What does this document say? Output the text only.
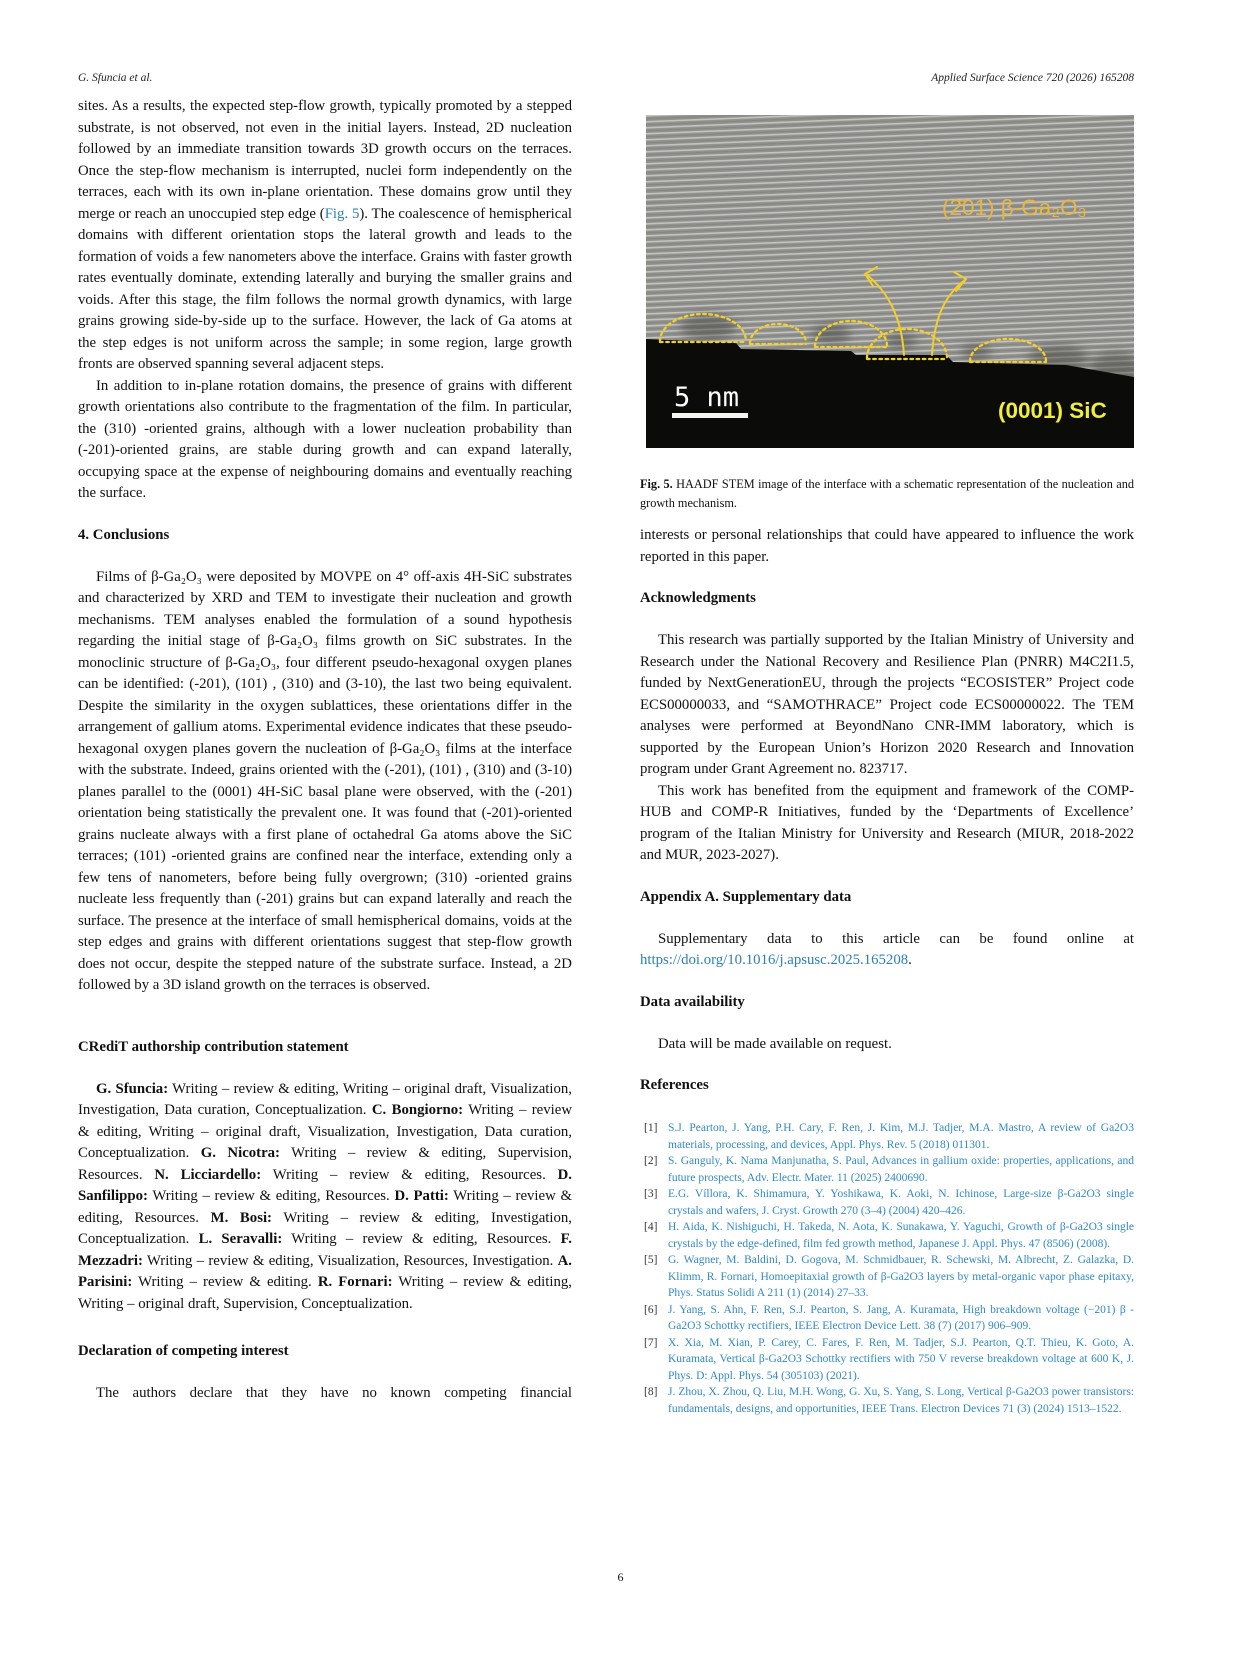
G. Sfuncia et al.	Applied Surface Science 720 (2026) 165208

sites. As a results, the expected step-flow growth, typically promoted by a stepped substrate, is not observed, not even in the initial layers. Instead, 2D nucleation followed by an immediate transition towards 3D growth occurs on the terraces. Once the step-flow mechanism is interrupted, nuclei form independently on the terraces, each with its own in-plane orientation. These domains grow until they merge or reach an unoccupied step edge (Fig. 5). The coalescence of hemispherical domains with different orientation stops the lateral growth and leads to the formation of voids a few nanometers above the interface. Grains with faster growth rates eventually dominate, extending laterally and burying the smaller grains and voids. After this stage, the film follows the normal growth dynamics, with large grains growing side-by-side up to the surface. However, the lack of Ga atoms at the step edges is not uniform across the sample; in some region, large growth fronts are observed spanning several adjacent steps.

In addition to in-plane rotation domains, the presence of grains with different growth orientations also contribute to the fragmentation of the film. In particular, the (310) -oriented grains, although with a lower nucleation probability than (-201)-oriented grains, are stable during growth and can expand laterally, occupying space at the expense of neighbouring domains and eventually reaching the surface.

4. Conclusions

Films of β-Ga₂O₃ were deposited by MOVPE on 4° off-axis 4H-SiC substrates and characterized by XRD and TEM to investigate their nucleation and growth mechanisms. TEM analyses enabled the formulation of a sound hypothesis regarding the initial stage of β-Ga₂O₃ films growth on SiC substrates. In the monoclinic structure of β-Ga₂O₃, four different pseudo-hexagonal oxygen planes can be identified: (-201), (101) , (310) and (3-10), the last two being equivalent. Despite the similarity in the oxygen sublattices, these orientations differ in the arrangement of gallium atoms. Experimental evidence indicates that these pseudo-hexagonal oxygen planes govern the nucleation of β-Ga₂O₃ films at the interface with the substrate. Indeed, grains oriented with the (-201), (101) , (310) and (3-10) planes parallel to the (0001) 4H-SiC basal plane were observed, with the (-201) orientation being statistically the prevalent one. It was found that (-201)-oriented grains nucleate always with a first plane of octahedral Ga atoms above the SiC terraces; (101) -oriented grains are confined near the interface, extending only a few tens of nanometers, before being fully overgrown; (310) -oriented grains nucleate less frequently than (-201) grains but can expand laterally and reach the surface. The presence at the interface of small hemispherical domains, voids at the step edges and grains with different orientations suggest that step-flow growth does not occur, despite the stepped nature of the substrate surface. Instead, a 2D followed by a 3D island growth on the terraces is observed.

CRediT authorship contribution statement

G. Sfuncia: Writing – review & editing, Writing – original draft, Visualization, Investigation, Data curation, Conceptualization. C. Bongiorno: Writing – review & editing, Writing – original draft, Visualization, Investigation, Data curation, Conceptualization. G. Nicotra: Writing – review & editing, Supervision, Resources. N. Licciardello: Writing – review & editing, Resources. D. Sanfilippo: Writing – review & editing, Resources. D. Patti: Writing – review & editing, Resources. M. Bosi: Writing – review & editing, Investigation, Conceptualization. L. Seravalli: Writing – review & editing, Resources. F. Mezzadri: Writing – review & editing, Visualization, Resources, Investigation. A. Parisini: Writing – review & editing. R. Fornari: Writing – review & editing, Writing – original draft, Supervision, Conceptualization.

Declaration of competing interest

The authors declare that they have no known competing financial

5 nm
(2̄01) β-Ga₂O₃
(0001) SiC

Fig. 5. HAADF STEM image of the interface with a schematic representation of the nucleation and growth mechanism.

interests or personal relationships that could have appeared to influence the work reported in this paper.

Acknowledgments

This research was partially supported by the Italian Ministry of University and Research under the National Recovery and Resilience Plan (PNRR) M4C2I1.5, funded by NextGenerationEU, through the projects “ECOSISTER” Project code ECS00000033, and “SAMOTHRACE” Project code ECS00000022. The TEM analyses were performed at BeyondNano CNR-IMM laboratory, which is supported by the European Union’s Horizon 2020 Research and Innovation program under Grant Agreement no. 823717.

This work has benefited from the equipment and framework of the COMP-HUB and COMP-R Initiatives, funded by the ‘Departments of Excellence’ program of the Italian Ministry for University and Research (MIUR, 2018-2022 and MUR, 2023-2027).

Appendix A. Supplementary data

Supplementary data to this article can be found online at https://doi.org/10.1016/j.apsusc.2025.165208.

Data availability

Data will be made available on request.

References
[1] S.J. Pearton, J. Yang, P.H. Cary, F. Ren, J. Kim, M.J. Tadjer, M.A. Mastro, A review of Ga2O3 materials, processing, and devices, Appl. Phys. Rev. 5 (2018) 011301.
[2] S. Ganguly, K. Nama Manjunatha, S. Paul, Advances in gallium oxide: properties, applications, and future prospects, Adv. Electr. Mater. 11 (2025) 2400690.
[3] E.G. Víllora, K. Shimamura, Y. Yoshikawa, K. Aoki, N. Ichinose, Large-size β-Ga2O3 single crystals and wafers, J. Cryst. Growth 270 (3–4) (2004) 420–426.
[4] H. Aida, K. Nishiguchi, H. Takeda, N. Aota, K. Sunakawa, Y. Yaguchi, Growth of β-Ga2O3 single crystals by the edge-defined, film fed growth method, Japanese J. Appl. Phys. 47 (8506) (2008).
[5] G. Wagner, M. Baldini, D. Gogova, M. Schmidbauer, R. Schewski, M. Albrecht, Z. Galazka, D. Klimm, R. Fornari, Homoepitaxial growth of β-Ga2O3 layers by metal-organic vapor phase epitaxy, Phys. Status Solidi A 211 (1) (2014) 27–33.
[6] J. Yang, S. Ahn, F. Ren, S.J. Pearton, S. Jang, A. Kuramata, High breakdown voltage (−201) β -Ga2O3 Schottky rectifiers, IEEE Electron Device Lett. 38 (7) (2017) 906–909.
[7] X. Xia, M. Xian, P. Carey, C. Fares, F. Ren, M. Tadjer, S.J. Pearton, Q.T. Thieu, K. Goto, A. Kuramata, Vertical β-Ga2O3 Schottky rectifiers with 750 V reverse breakdown voltage at 600 K, J. Phys. D: Appl. Phys. 54 (305103) (2021).
[8] J. Zhou, X. Zhou, Q. Liu, M.H. Wong, G. Xu, S. Yang, S. Long, Vertical β-Ga2O3 power transistors: fundamentals, designs, and opportunities, IEEE Trans. Electron Devices 71 (3) (2024) 1513–1522.
6
